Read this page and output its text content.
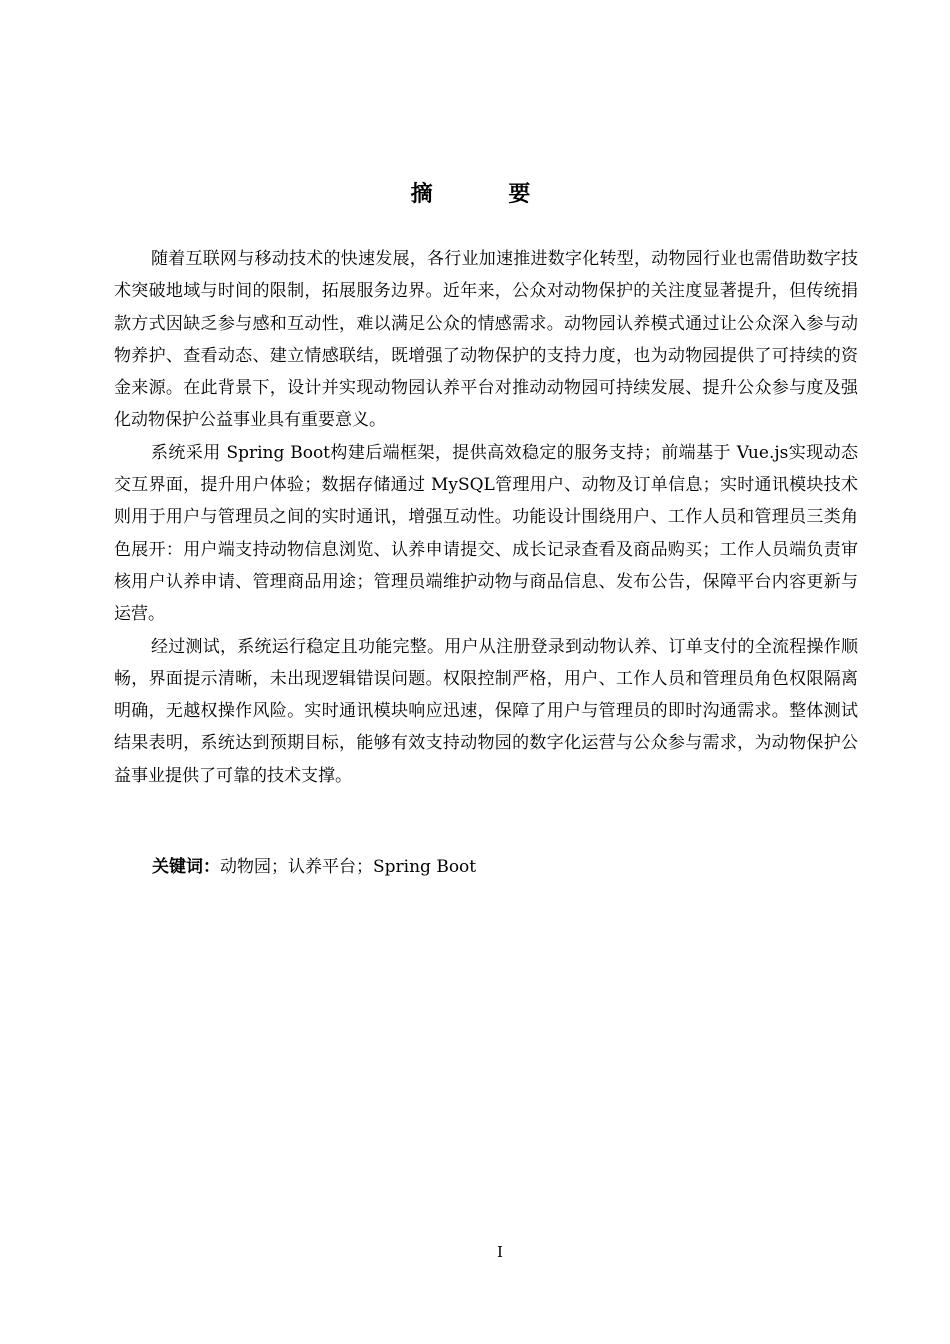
摘 要

随着互联网与移动技术的快速发展，各行业加速推进数字化转型，动物园行业也需借助数字技术突破地域与时间的限制，拓展服务边界。近年来，公众对动物保护的关注度显著提升，但传统捐款方式因缺乏参与感和互动性，难以满足公众的情感需求。动物园认养模式通过让公众深入参与动物养护、查看动态、建立情感联结，既增强了动物保护的支持力度，也为动物园提供了可持续的资金来源。在此背景下，设计并实现动物园认养平台对推动动物园可持续发展、提升公众参与度及强化动物保护公益事业具有重要意义。

系统采用 Spring Boot构建后端框架，提供高效稳定的服务支持；前端基于 Vue.js实现动态交互界面，提升用户体验；数据存储通过 MySQL管理用户、动物及订单信息；实时通讯模块技术则用于用户与管理员之间的实时通讯，增强互动性。功能设计围绕用户、工作人员和管理员三类角色展开：用户端支持动物信息浏览、认养申请提交、成长记录查看及商品购买；工作人员端负责审核用户认养申请、管理商品用途；管理员端维护动物与商品信息、发布公告，保障平台内容更新与运营。

经过测试，系统运行稳定且功能完整。用户从注册登录到动物认养、订单支付的全流程操作顺畅，界面提示清晰，未出现逻辑错误问题。权限控制严格，用户、工作人员和管理员角色权限隔离明确，无越权操作风险。实时通讯模块响应迅速，保障了用户与管理员的即时沟通需求。整体测试结果表明，系统达到预期目标，能够有效支持动物园的数字化运营与公众参与需求，为动物保护公益事业提供了可靠的技术支撑。

关键词：动物园；认养平台；Spring Boot
I
